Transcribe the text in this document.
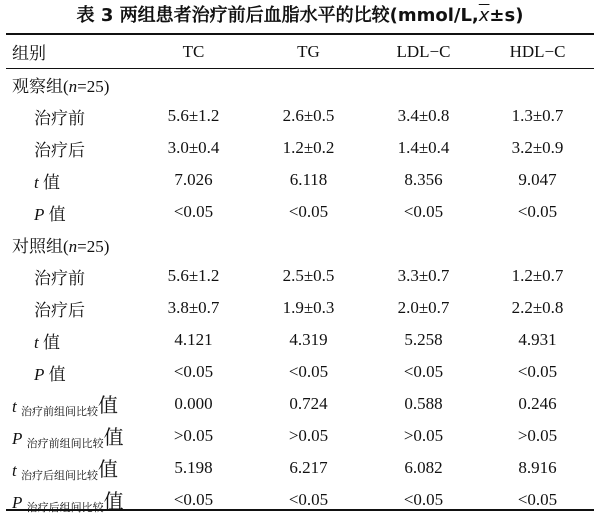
表 3 两组患者治疗前后血脂水平的比较$(mmol/L,\overline{x}\pm s)$
组别	TC	TG	LDL−C	HDL−C
观察组(n=25)				
治疗前	5.6±1.2	2.6±0.5	3.4±0.8	1.3±0.7
治疗后	3.0±0.4	1.2±0.2	1.4±0.4	3.2±0.9
t 值	7.026	6.118	8.356	9.047
P 值	<0.05	<0.05	<0.05	<0.05
对照组(n=25)				
治疗前	5.6±1.2	2.5±0.5	3.3±0.7	1.2±0.7
治疗后	3.8±0.7	1.9±0.3	2.0±0.7	2.2±0.8
t 值	4.121	4.319	5.258	4.931
P 值	<0.05	<0.05	<0.05	<0.05
t 治疗前组间比较值	0.000	0.724	0.588	0.246
P 治疗前组间比较值	>0.05	>0.05	>0.05	>0.05
t 治疗后组间比较值	5.198	6.217	6.082	8.916
P 治疗后组间比较值	<0.05	<0.05	<0.05	<0.05
